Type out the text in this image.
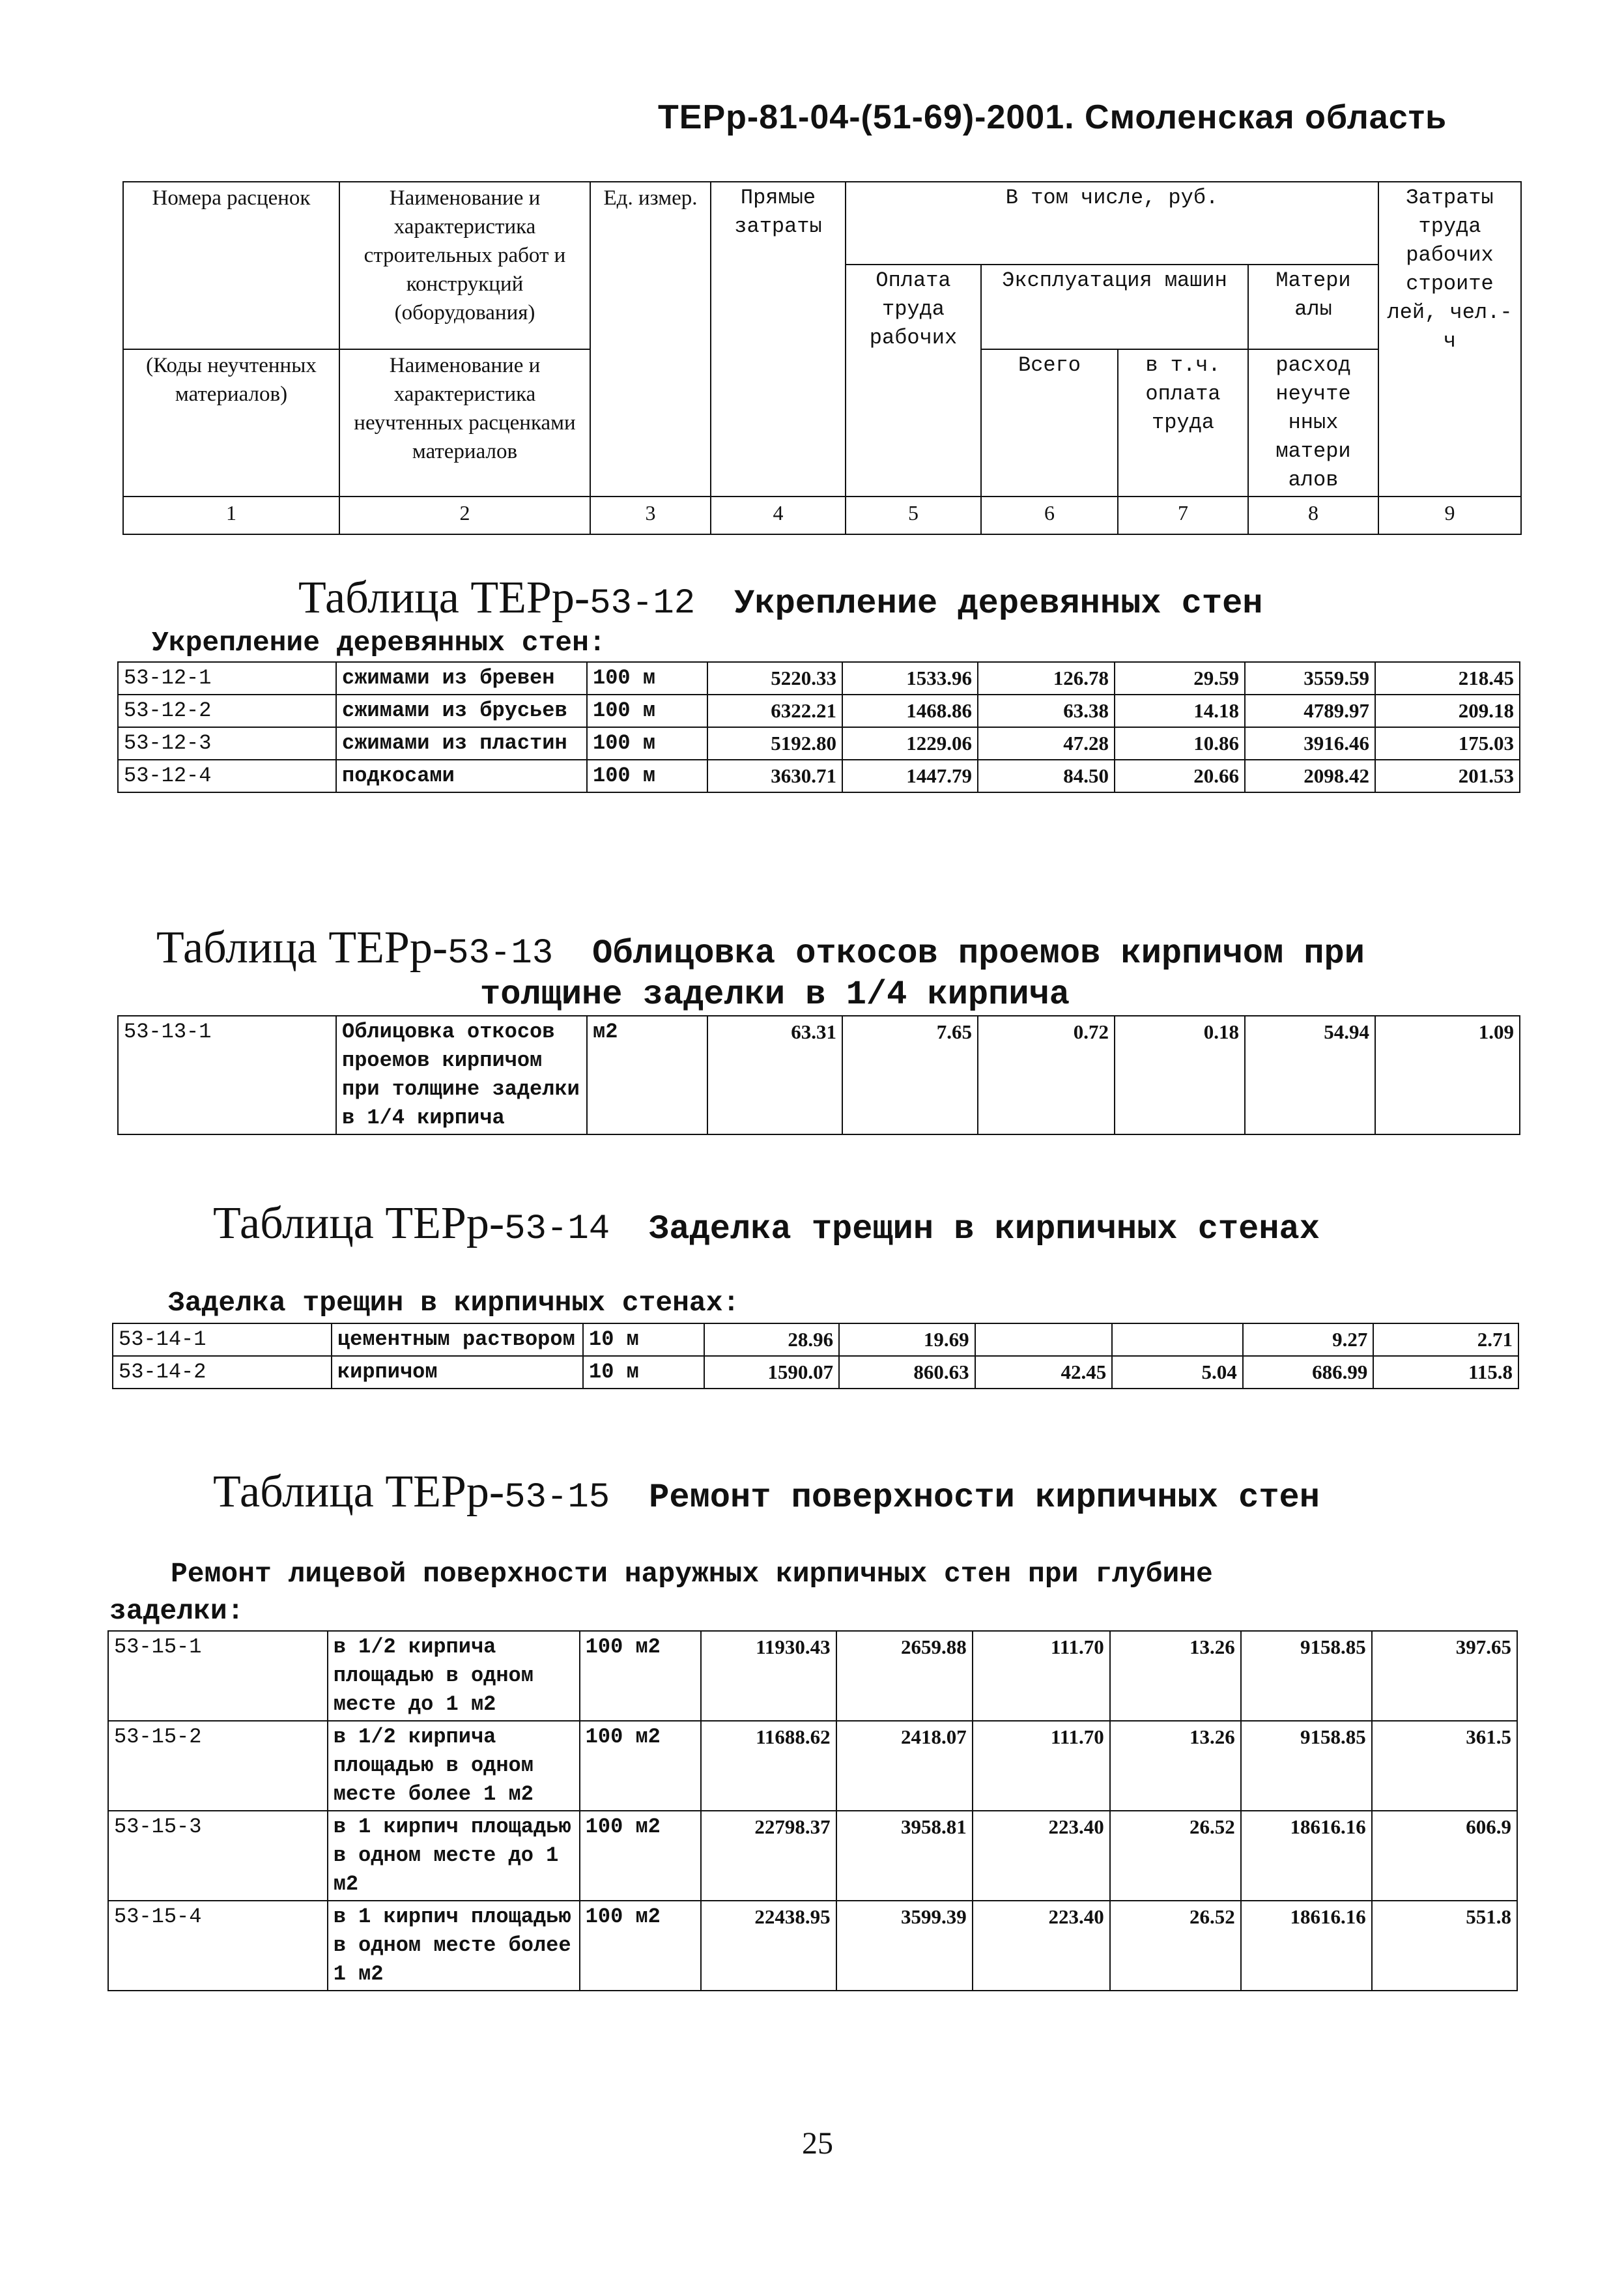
ТЕРр-81-04-(51-69)-2001. Смоленская область
Номера расценок	Наименование и характеристика строительных работ и конструкций (оборудования)	Ед. измер.	Прямые затраты	В том числе, руб.				Затраты труда рабочих строите лей, чел.-ч
				Оплата труда рабочих	Эксплуатация машин		Матери алы	
(Коды неучтенных материалов)	Наименование и характеристика неучтенных расценками материалов				Всего	в т.ч. оплата труда	расход неучте нных матери алов	

1	2	3	4	5	6	7	8	9
Таблица ТЕРр-53-12 Укрепление деревянных стен
Укрепление деревянных стен:
53-12-1	сжимами из бревен	100 м	5220.33	1533.96	126.78	29.59	3559.59	218.45
53-12-2	сжимами из брусьев	100 м	6322.21	1468.86	63.38	14.18	4789.97	209.18
53-12-3	сжимами из пластин	100 м	5192.80	1229.06	47.28	10.86	3916.46	175.03
53-12-4	подкосами	100 м	3630.71	1447.79	84.50	20.66	2098.42	201.53
Таблица ТЕРр-53-13 Облицовка откосов проемов кирпичом при
толщине заделки в 1/4 кирпича
53-13-1	Облицовка откосов проемов кирпичом при толщине заделки в 1/4 кирпича	м2	63.31	7.65	0.72	0.18	54.94	1.09
Таблица ТЕРр-53-14 Заделка трещин в кирпичных стенах
Заделка трещин в кирпичных стенах:
53-14-1	цементным раствором	10 м	28.96	19.69			9.27	2.71
53-14-2	кирпичом	10 м	1590.07	860.63	42.45	5.04	686.99	115.8
Таблица ТЕРр-53-15 Ремонт поверхности кирпичных стен
Ремонт лицевой поверхности наружных кирпичных стен при глубине
заделки:
53-15-1	в 1/2 кирпича площадью в одном месте до 1 м2	100 м2	11930.43	2659.88	111.70	13.26	9158.85	397.65
53-15-2	в 1/2 кирпича площадью в одном месте более 1 м2	100 м2	11688.62	2418.07	111.70	13.26	9158.85	361.5
53-15-3	в 1 кирпич площадью в одном месте до 1 м2	100 м2	22798.37	3958.81	223.40	26.52	18616.16	606.9
53-15-4	в 1 кирпич площадью в одном месте более 1 м2	100 м2	22438.95	3599.39	223.40	26.52	18616.16	551.8
25
